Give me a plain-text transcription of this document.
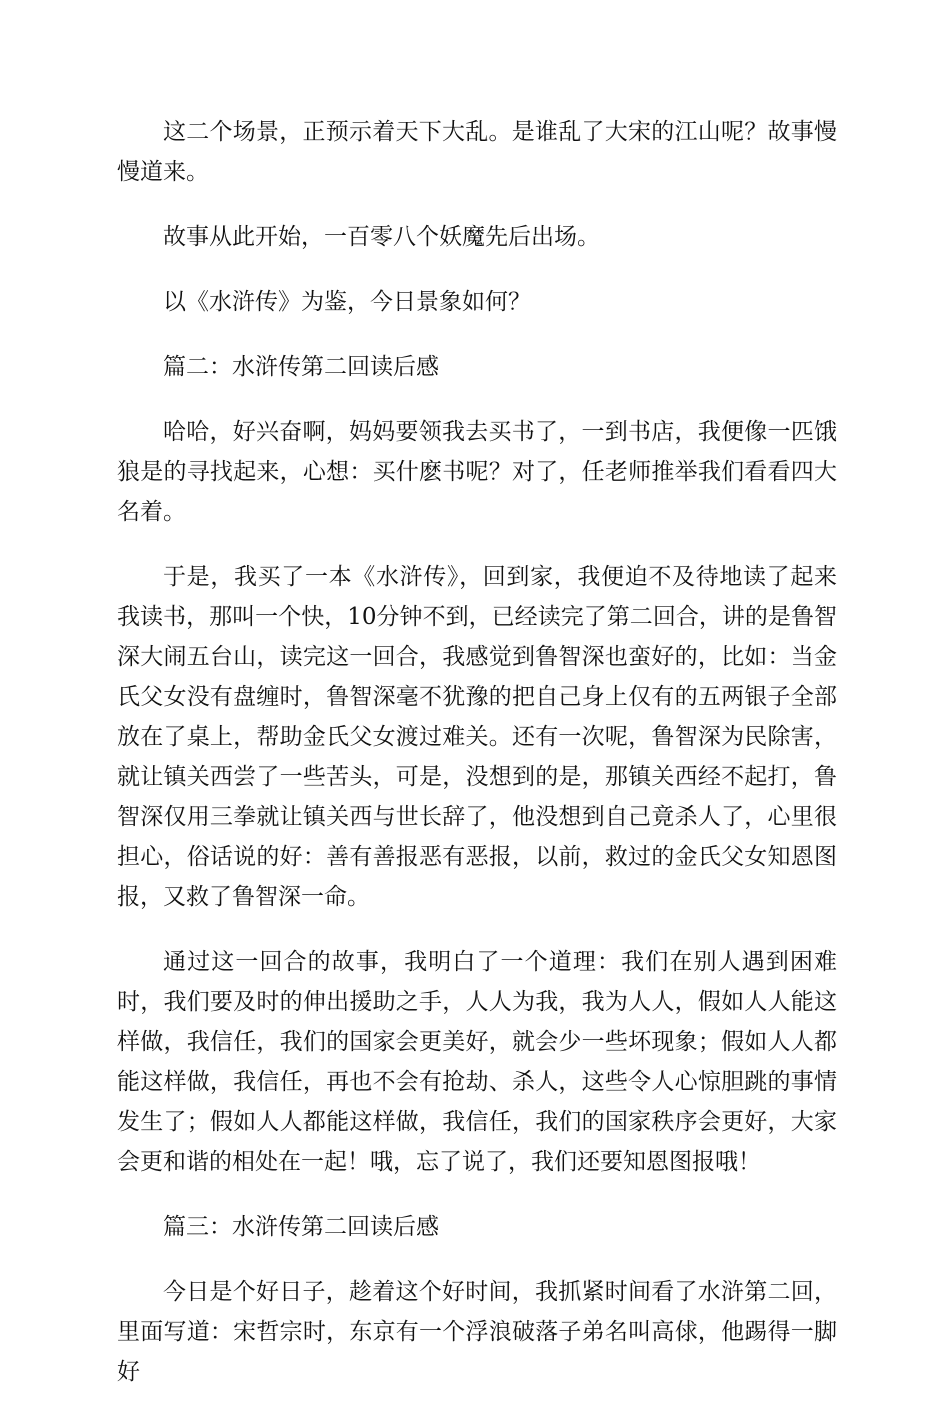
这二个场景，正预示着天下大乱。是谁乱了大宋的江山呢？故事慢慢道来。

故事从此开始，一百零八个妖魔先后出场。

以《水浒传》为鉴，今日景象如何？

篇二：水浒传第二回读后感

哈哈，好兴奋啊，妈妈要领我去买书了，一到书店，我便像一匹饿狼是的寻找起来，心想：买什麽书呢？对了，任老师推举我们看看四大名着。

于是，我买了一本《水浒传》，回到家，我便迫不及待地读了起来我读书，那叫一个快，10分钟不到，已经读完了第二回合，讲的是鲁智深大闹五台山，读完这一回合，我感觉到鲁智深也蛮好的，比如：当金氏父女没有盘缠时，鲁智深毫不犹豫的把自己身上仅有的五两银子全部放在了桌上，帮助金氏父女渡过难关。还有一次呢，鲁智深为民除害，就让镇关西尝了一些苦头，可是，没想到的是，那镇关西经不起打，鲁智深仅用三拳就让镇关西与世长辞了，他没想到自己竟杀人了，心里很担心，俗话说的好：善有善报恶有恶报，以前，救过的金氏父女知恩图报，又救了鲁智深一命。

通过这一回合的故事，我明白了一个道理：我们在别人遇到困难时，我们要及时的伸出援助之手，人人为我，我为人人，假如人人能这样做，我信任，我们的国家会更美好，就会少一些坏现象；假如人人都能这样做，我信任，再也不会有抢劫、杀人，这些令人心惊胆跳的事情发生了；假如人人都能这样做，我信任，我们的国家秩序会更好，大家会更和谐的相处在一起！哦，忘了说了，我们还要知恩图报哦！

篇三：水浒传第二回读后感

今日是个好日子，趁着这个好时间，我抓紧时间看了水浒第二回，里面写道：宋哲宗时，东京有一个浮浪破落子弟名叫高俅，他踢得一脚好
